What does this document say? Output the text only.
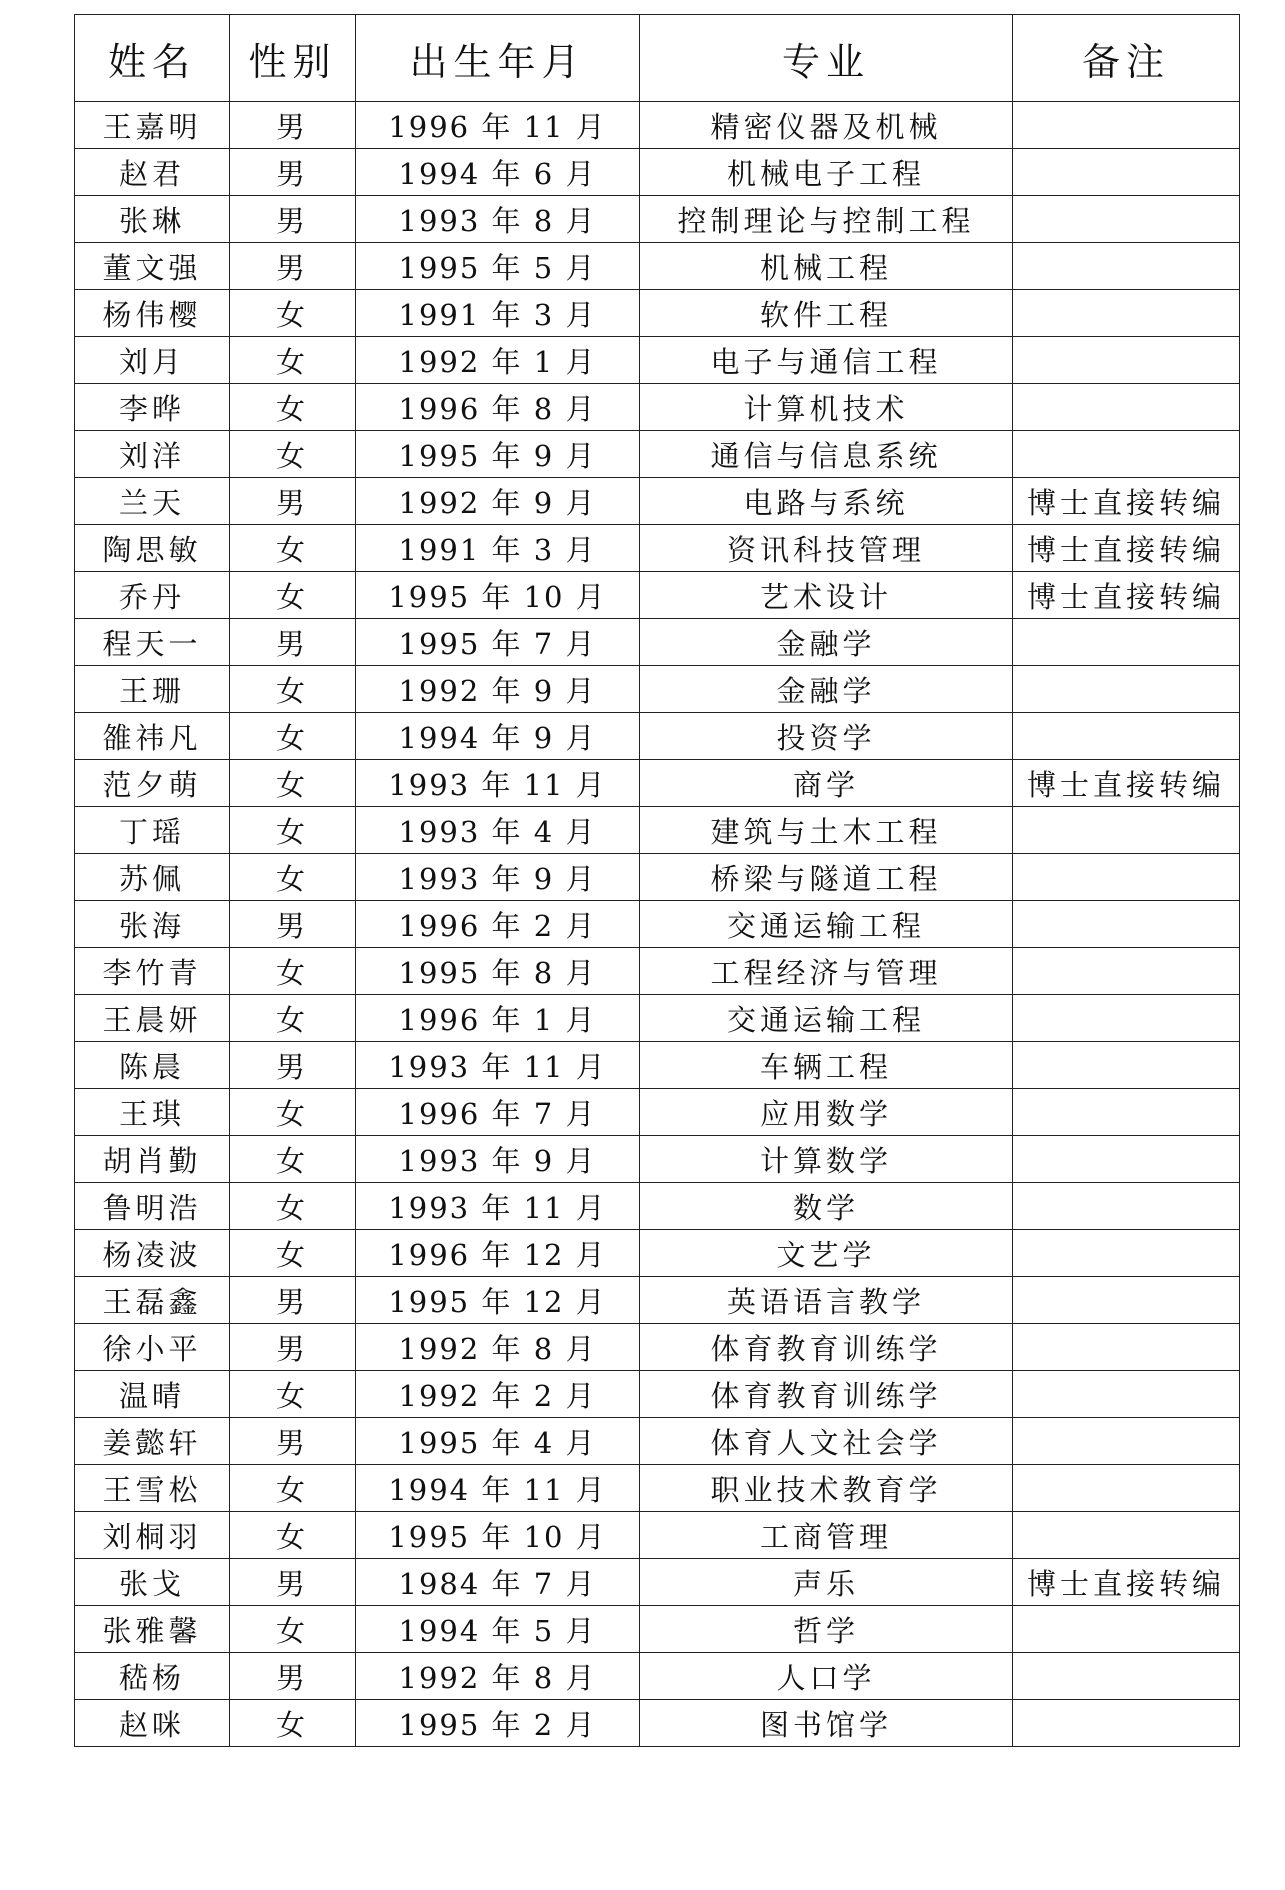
姓名	性别	出生年月	专业	备注
王嘉明	男	1996 年 11 月	精密仪器及机械	
赵君	男	1994 年 6 月	机械电子工程	
张琳	男	1993 年 8 月	控制理论与控制工程	
董文强	男	1995 年 5 月	机械工程	
杨伟樱	女	1991 年 3 月	软件工程	
刘月	女	1992 年 1 月	电子与通信工程	
李晔	女	1996 年 8 月	计算机技术	
刘洋	女	1995 年 9 月	通信与信息系统	
兰天	男	1992 年 9 月	电路与系统	博士直接转编
陶思敏	女	1991 年 3 月	资讯科技管理	博士直接转编
乔丹	女	1995 年 10 月	艺术设计	博士直接转编
程天一	男	1995 年 7 月	金融学	
王珊	女	1992 年 9 月	金融学	
雒祎凡	女	1994 年 9 月	投资学	
范夕萌	女	1993 年 11 月	商学	博士直接转编
丁瑶	女	1993 年 4 月	建筑与土木工程	
苏佩	女	1993 年 9 月	桥梁与隧道工程	
张海	男	1996 年 2 月	交通运输工程	
李竹青	女	1995 年 8 月	工程经济与管理	
王晨妍	女	1996 年 1 月	交通运输工程	
陈晨	男	1993 年 11 月	车辆工程	
王琪	女	1996 年 7 月	应用数学	
胡肖勤	女	1993 年 9 月	计算数学	
鲁明浩	女	1993 年 11 月	数学	
杨凌波	女	1996 年 12 月	文艺学	
王磊鑫	男	1995 年 12 月	英语语言教学	
徐小平	男	1992 年 8 月	体育教育训练学	
温晴	女	1992 年 2 月	体育教育训练学	
姜懿轩	男	1995 年 4 月	体育人文社会学	
王雪松	女	1994 年 11 月	职业技术教育学	
刘桐羽	女	1995 年 10 月	工商管理	
张戈	男	1984 年 7 月	声乐	博士直接转编
张雅馨	女	1994 年 5 月	哲学	
嵇杨	男	1992 年 8 月	人口学	
赵咪	女	1995 年 2 月	图书馆学	
